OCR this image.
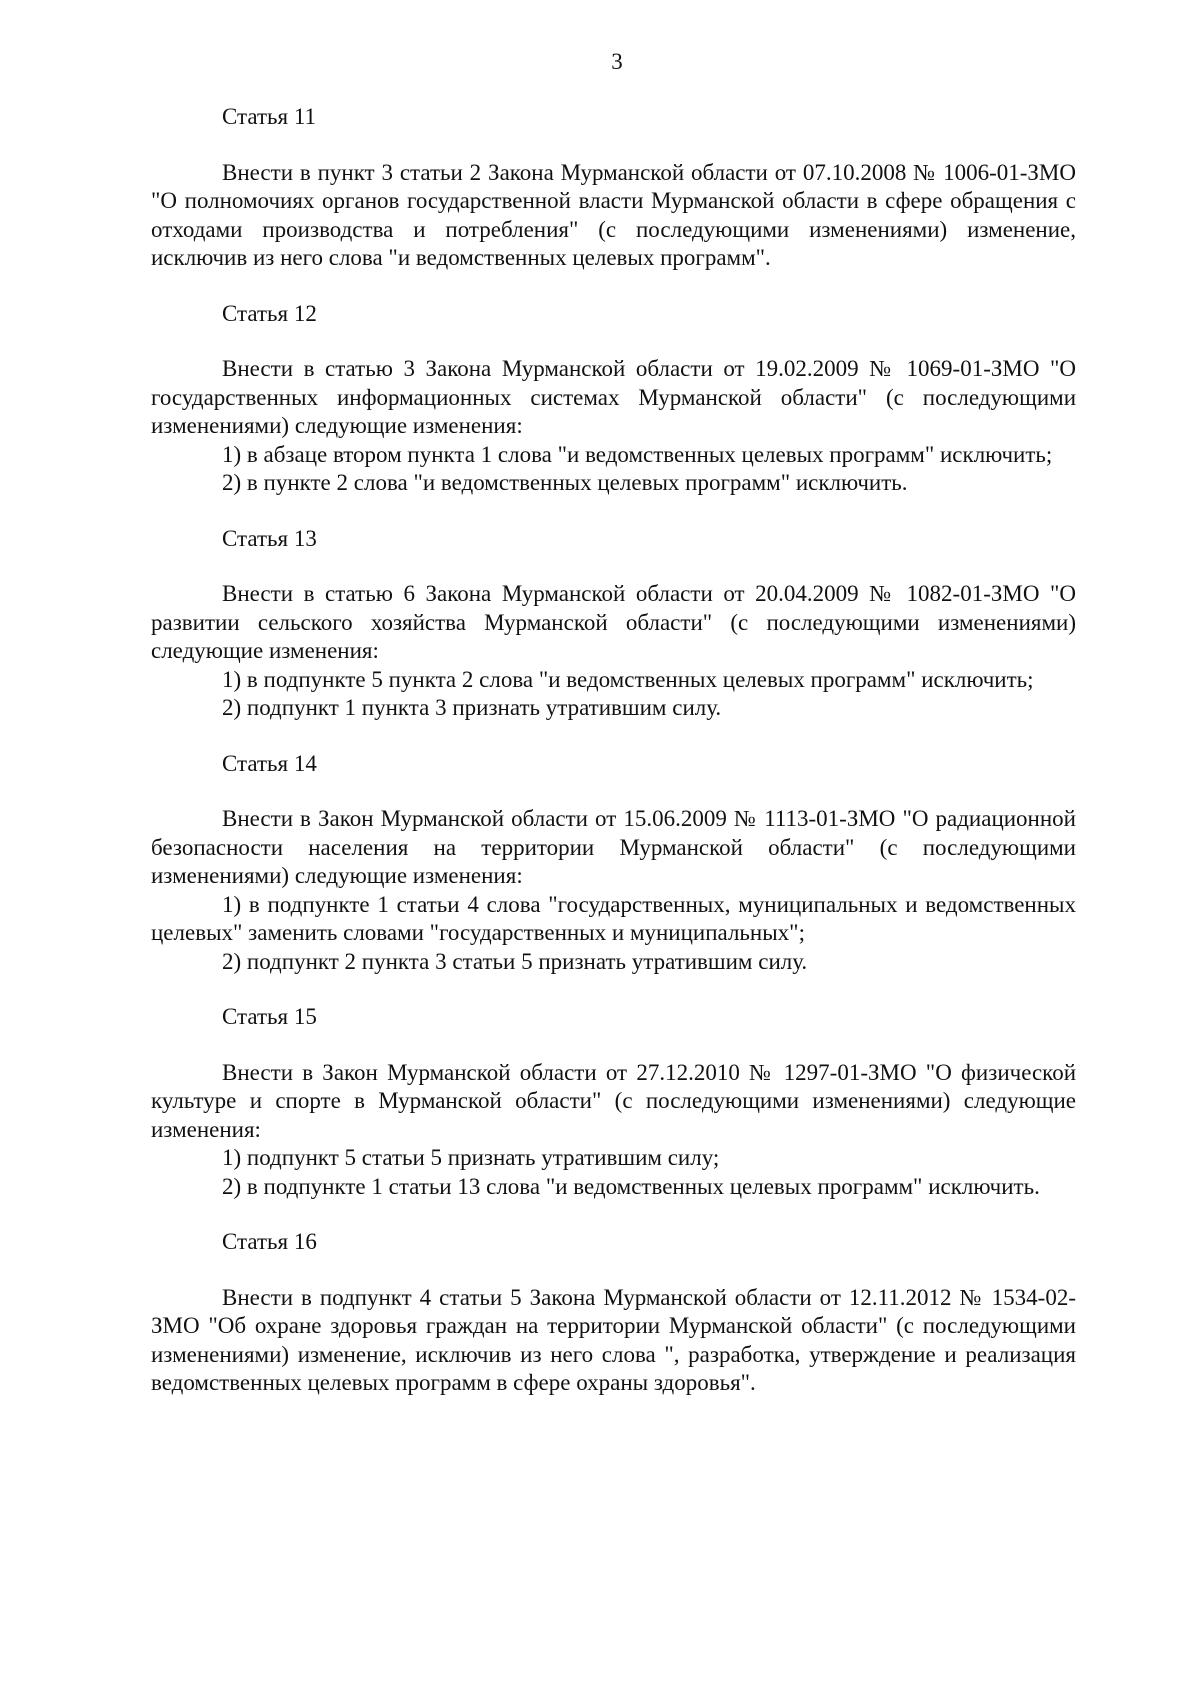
3
Статья 11

Внести в пункт 3 статьи 2 Закона Мурманской области от 07.10.2008 № 1006-01-ЗМО "О полномочиях органов государственной власти Мурманской области в сфере обращения с отходами производства и потребления" (с последующими изменениями) изменение, исключив из него слова "и ведомственных целевых программ".

Статья 12

Внести в статью 3 Закона Мурманской области от 19.02.2009 № 1069-01-ЗМО "О государственных информационных системах Мурманской области" (с последующими изменениями) следующие изменения:

1) в абзаце втором пункта 1 слова "и ведомственных целевых программ" исключить;

2) в пункте 2 слова "и ведомственных целевых программ" исключить.

Статья 13

Внести в статью 6 Закона Мурманской области от 20.04.2009 № 1082-01-ЗМО "О развитии сельского хозяйства Мурманской области" (с последующими изменениями) следующие изменения:

1) в подпункте 5 пункта 2 слова "и ведомственных целевых программ" исключить;

2) подпункт 1 пункта 3 признать утратившим силу.

Статья 14

Внести в Закон Мурманской области от 15.06.2009 № 1113-01-ЗМО "О радиационной безопасности населения на территории Мурманской области" (с последующими изменениями) следующие изменения:

1) в подпункте 1 статьи 4 слова "государственных, муниципальных и ведомственных целевых" заменить словами "государственных и муниципальных";

2) подпункт 2 пункта 3 статьи 5 признать утратившим силу.

Статья 15

Внести в Закон Мурманской области от 27.12.2010 № 1297-01-ЗМО "О физической культуре и спорте в Мурманской области" (с последующими изменениями) следующие изменения:

1) подпункт 5 статьи 5 признать утратившим силу;

2) в подпункте 1 статьи 13 слова "и ведомственных целевых программ" исключить.

Статья 16

Внести в подпункт 4 статьи 5 Закона Мурманской области от 12.11.2012 № 1534-02-ЗМО "Об охране здоровья граждан на территории Мурманской области" (с последующими изменениями) изменение, исключив из него слова ", разработка, утверждение и реализация ведомственных целевых программ в сфере охраны здоровья".
